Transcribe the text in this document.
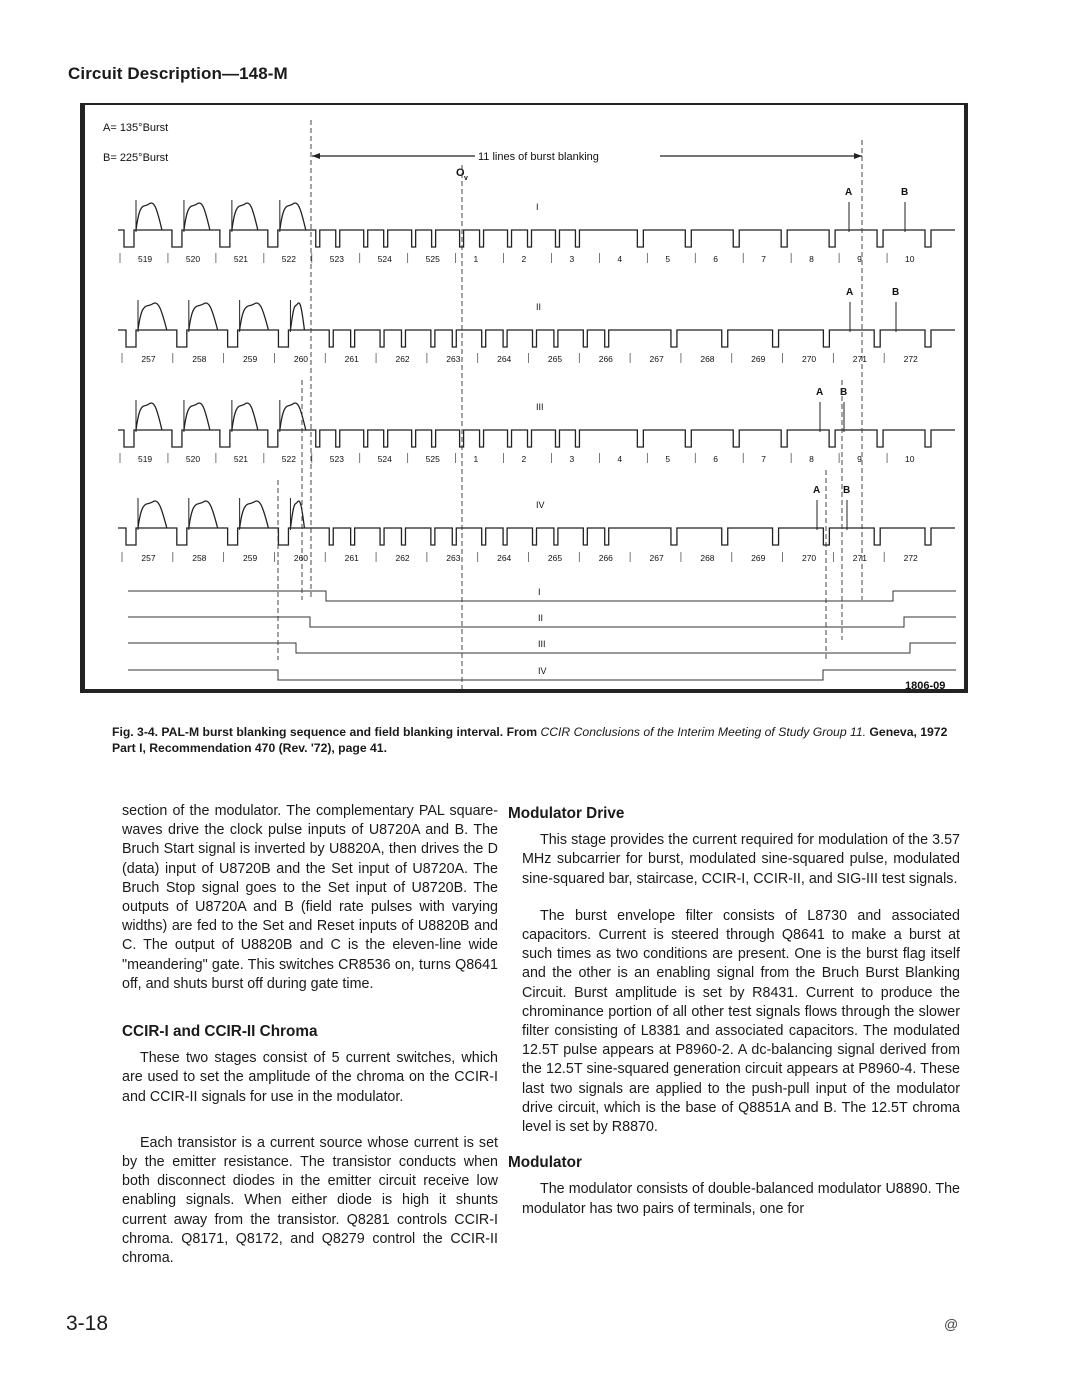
Circuit Description—148-M
A= 135°Burst
B= 225°Burst	11 lines of burst blanking
O v
519	520	521	522	523	524	525	1	2	3	4	5	6	7	8	9	10
I
A	B
257	258	259	260	261	262	263	264	265	266	267	268	269	270	271	272
II
A	B
519	520	521	522	523	524	525	1	2	3	4	5	6	7	8	9	10
III
A B
257	258	259	260	261	262	263	264	265	266	267	268	269	270	271	272
IV
A B
I
II
III
IV
1806-09
Fig. 3-4. PAL-M burst blanking sequence and field blanking interval. From CCIR Conclusions of the Interim Meeting of Study Group 11. Geneva, 1972 Part I, Recommendation 470 (Rev. '72), page 41.

section of the modulator. The complementary PAL square-waves drive the clock pulse inputs of U8720A and B. The Bruch Start signal is inverted by U8820A, then drives the D (data) input of U8720B and the Set input of U8720A. The Bruch Stop signal goes to the Set input of U8720B. The outputs of U8720A and B (field rate pulses with varying widths) are fed to the Set and Reset inputs of U8820B and C. The output of U8820B and C is the eleven-line wide "meandering" gate. This switches CR8536 on, turns Q8641 off, and shuts burst off during gate time.

CCIR-I and CCIR-II Chroma

These two stages consist of 5 current switches, which are used to set the amplitude of the chroma on the CCIR-I and CCIR-II signals for use in the modulator.

Each transistor is a current source whose current is set by the emitter resistance. The transistor conducts when both disconnect diodes in the emitter circuit receive low enabling signals. When either diode is high it shunts current away from the transistor. Q8281 controls CCIR-I chroma. Q8171, Q8172, and Q8279 control the CCIR-II chroma.

Modulator Drive

This stage provides the current required for modulation of the 3.57 MHz subcarrier for burst, modulated sine-squared pulse, modulated sine-squared bar, staircase, CCIR-I, CCIR-II, and SIG-III test signals.

The burst envelope filter consists of L8730 and associated capacitors. Current is steered through Q8641 to make a burst at such times as two conditions are present. One is the burst flag itself and the other is an enabling signal from the Bruch Burst Blanking Circuit. Burst amplitude is set by R8431. Current to produce the chrominance portion of all other test signals flows through the slower filter consisting of L8381 and associated capacitors. The modulated 12.5T pulse appears at P8960-2. A dc-balancing signal derived from the 12.5T sine-squared generation circuit appears at P8960-4. These last two signals are applied to the push-pull input of the modulator drive circuit, which is the base of Q8851A and B. The 12.5T chroma level is set by R8870.

Modulator

The modulator consists of double-balanced modulator U8890. The modulator has two pairs of terminals, one for

3-18	@
